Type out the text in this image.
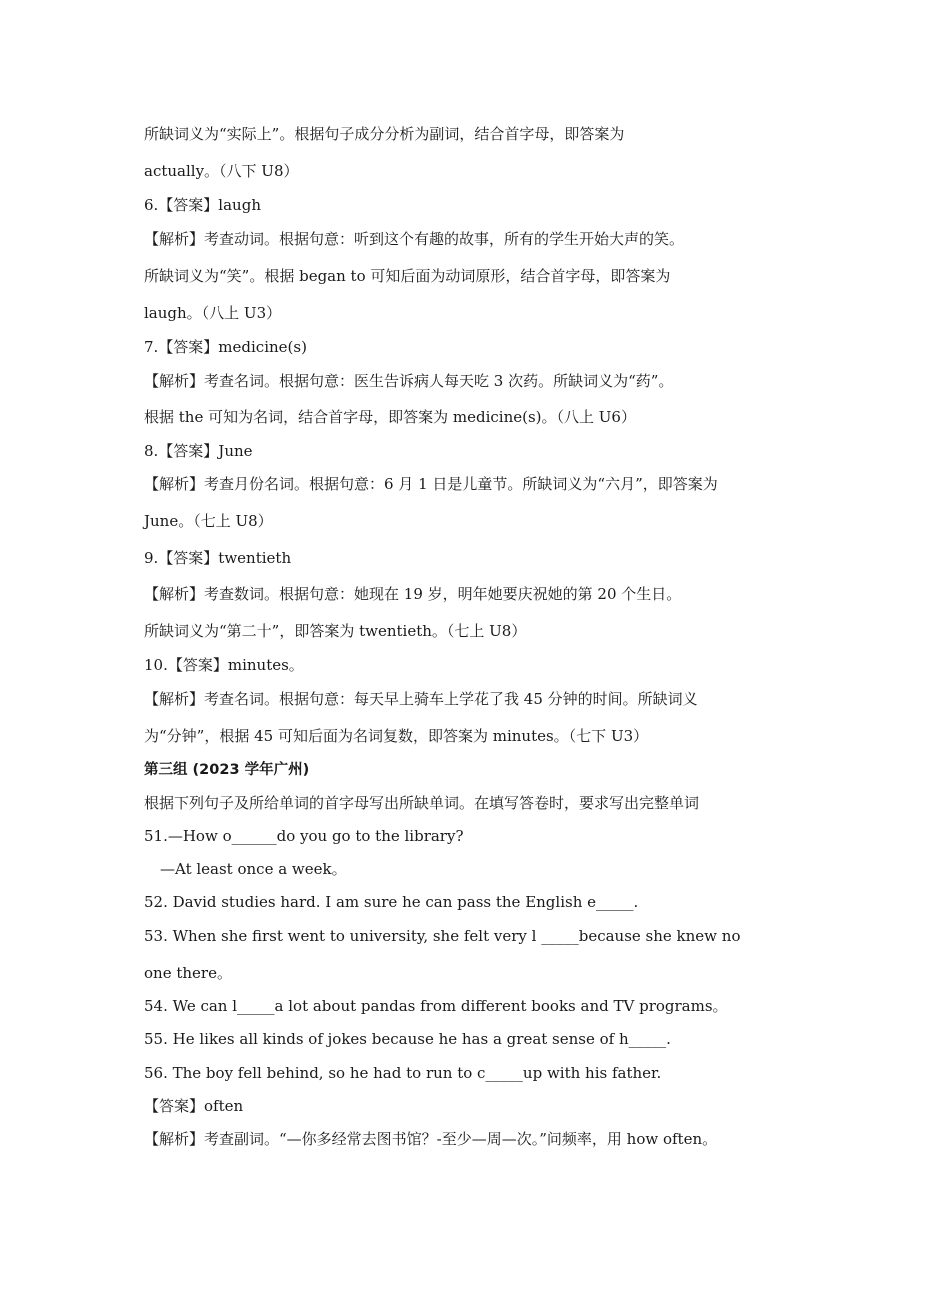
所缺词义为“实际上”。根据句子成分分析为副词，结合首字母，即答案为

actually。（八下 U8）

6.【答案】laugh

【解析】考查动词。根据句意：听到这个有趣的故事，所有的学生开始大声的笑。

所缺词义为“笑”。根据 began to 可知后面为动词原形，结合首字母，即答案为

laugh。（八上 U3）

7.【答案】medicine(s)

【解析】考查名词。根据句意：医生告诉病人每天吃 3 次药。所缺词义为“药”。

根据 the 可知为名词，结合首字母，即答案为 medicine(s)。（八上 U6）

8.【答案】June

【解析】考查月份名词。根据句意：6 月 1 日是儿童节。所缺词义为“六月”，即答案为

June。（七上 U8）

9.【答案】twentieth

【解析】考查数词。根据句意：她现在 19 岁，明年她要庆祝她的第 20 个生日。

所缺词义为“第二十”，即答案为 twentieth。（七上 U8）

10.【答案】minutes。

【解析】考查名词。根据句意：每天早上骑车上学花了我 45 分钟的时间。所缺词义

为“分钟”，根据 45 可知后面为名词复数，即答案为 minutes。（七下 U3）

第三组 (2023 学年广州)

根据下列句子及所给单词的首字母写出所缺单词。在填写答卷时，要求写出完整单词

51.—How o______do you go to the library?

—At least once a week。

52. David studies hard. I am sure he can pass the English e_____.

53. When she first went to university, she felt very l _____because she knew no

one there。

54. We can l_____a lot about pandas from different books and TV programs。

55. He likes all kinds of jokes because he has a great sense of h_____.

56. The boy fell behind, so he had to run to c_____up with his father.

【答案】often

【解析】考查副词。“—你多经常去图书馆？-至少—周—次。”问频率，用 how often。
